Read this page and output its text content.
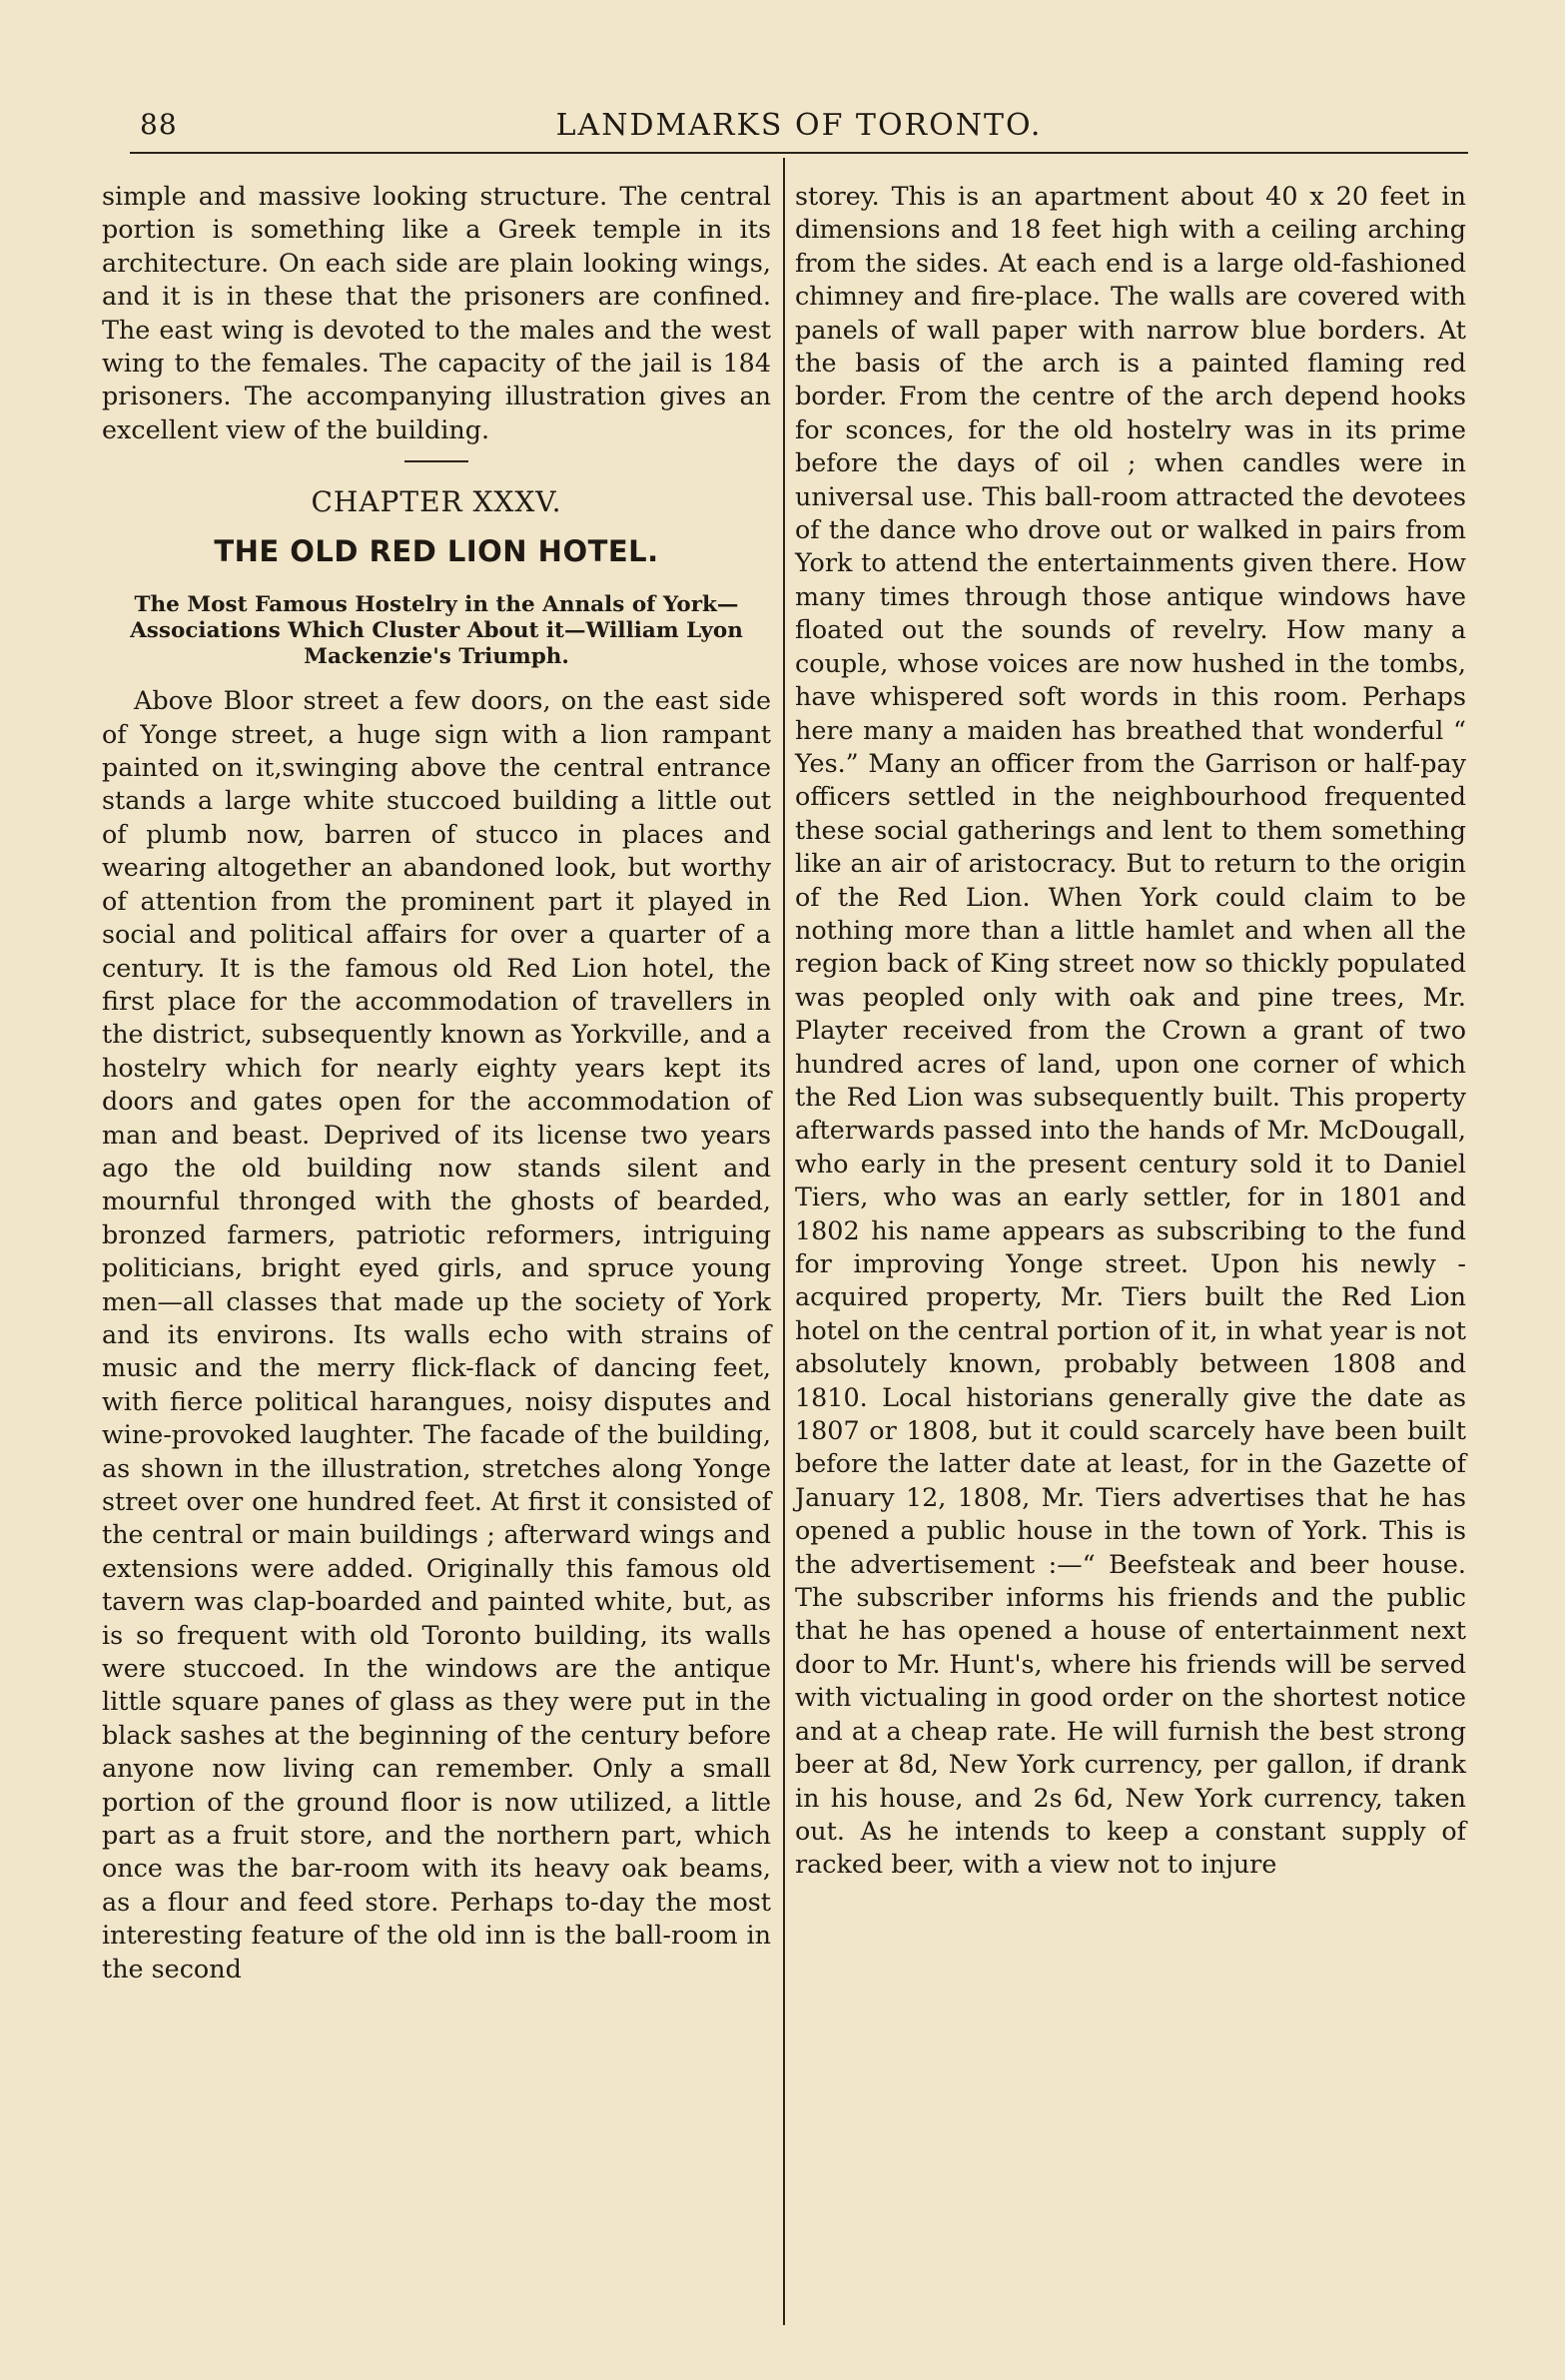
88	LANDMARKS OF TORONTO.

simple and massive looking structure. The central portion is something like a Greek temple in its architecture. On each side are plain looking wings, and it is in these that the prisoners are confined. The east wing is devoted to the males and the west wing to the females. The capacity of the jail is 184 prisoners. The accompanying illustration gives an excellent view of the building.

CHAPTER XXXV.
THE OLD RED LION HOTEL.
The Most Famous Hostelry in the Annals of York—Associations Which Cluster About it—William Lyon Mackenzie's Triumph.

Above Bloor street a few doors, on the east side of Yonge street, a huge sign with a lion rampant painted on it,swinging above the central entrance stands a large white stuccoed building a little out of plumb now, barren of stucco in places and wearing altogether an abandoned look, but worthy of attention from the prominent part it played in social and political affairs for over a quarter of a century. It is the famous old Red Lion hotel, the first place for the accommodation of travellers in the district, subsequently known as Yorkville, and a hostelry which for nearly eighty years kept its doors and gates open for the accommodation of man and beast. Deprived of its license two years ago the old building now stands silent and mournful thronged with the ghosts of bearded, bronzed farmers, patriotic reformers, intriguing politicians, bright eyed girls, and spruce young men—all classes that made up the society of York and its environs. Its walls echo with strains of music and the merry flick-flack of dancing feet, with fierce political harangues, noisy disputes and wine-provoked laughter. The facade of the building, as shown in the illustration, stretches along Yonge street over one hundred feet. At first it consisted of the central or main buildings ; afterward wings and extensions were added. Originally this famous old tavern was clap-boarded and painted white, but, as is so frequent with old Toronto building, its walls were stuccoed. In the windows are the antique little square panes of glass as they were put in the black sashes at the beginning of the century before anyone now living can remember. Only a small portion of the ground floor is now utilized, a little part as a fruit store, and the northern part, which once was the bar-room with its heavy oak beams, as a flour and feed store. Perhaps to-day the most interesting feature of the old inn is the ball-room in the second

storey. This is an apartment about 40 x 20 feet in dimensions and 18 feet high with a ceiling arching from the sides. At each end is a large old-fashioned chimney and fire-place. The walls are covered with panels of wall paper with narrow blue borders. At the basis of the arch is a painted flaming red border. From the centre of the arch depend hooks for sconces, for the old hostelry was in its prime before the days of oil ; when candles were in universal use. This ball-room attracted the devotees of the dance who drove out or walked in pairs from York to attend the entertainments given there. How many times through those antique windows have floated out the sounds of revelry. How many a couple, whose voices are now hushed in the tombs, have whispered soft words in this room. Perhaps here many a maiden has breathed that wonderful “ Yes.” Many an officer from the Garrison or half-pay officers settled in the neighbourhood frequented these social gatherings and lent to them something like an air of aristocracy. But to return to the origin of the Red Lion. When York could claim to be nothing more than a little hamlet and when all the region back of King street now so thickly populated was peopled only with oak and pine trees, Mr. Playter received from the Crown a grant of two hundred acres of land, upon one corner of which the Red Lion was subsequently built. This property afterwards passed into the hands of Mr. McDougall, who early in the present century sold it to Daniel Tiers, who was an early settler, for in 1801 and 1802 his name appears as subscribing to the fund for improving Yonge street. Upon his newly - acquired property, Mr. Tiers built the Red Lion hotel on the central portion of it, in what year is not absolutely known, probably between 1808 and 1810. Local historians generally give the date as 1807 or 1808, but it could scarcely have been built before the latter date at least, for in the Gazette of January 12, 1808, Mr. Tiers advertises that he has opened a public house in the town of York. This is the advertisement :—“ Beefsteak and beer house. The subscriber informs his friends and the public that he has opened a house of entertainment next door to Mr. Hunt's, where his friends will be served with victualing in good order on the shortest notice and at a cheap rate. He will furnish the best strong beer at 8d, New York currency, per gallon, if drank in his house, and 2s 6d, New York currency, taken out. As he intends to keep a constant supply of racked beer, with a view not to injure
